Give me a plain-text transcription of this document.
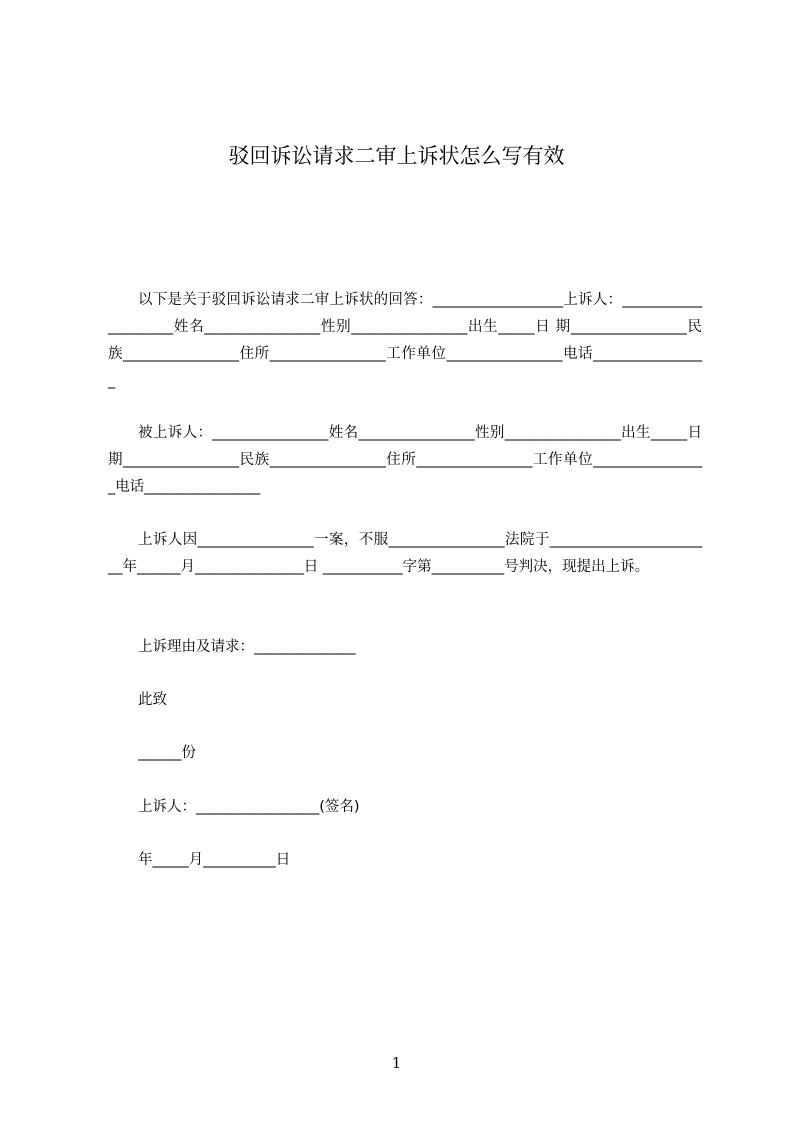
驳回诉讼请求二审上诉状怎么写有效

以下是关于驳回诉讼请求二审上诉状的回答：__________________上诉人：____________________姓名________________性别________________出生_____日 期________________民族________________住所________________工作单位________________电话________________

被上诉人：________________姓名________________性别________________出生_____日 期________________民族________________住所________________工作单位________________电话________________

上诉人因________________一案，不服________________法院于_______________________年______月_______________日 ___________字第__________号判决，现提出上诉。

上诉理由及请求：______________

此致

______份

上诉人：_________________(签名)

年_____月__________日

1
